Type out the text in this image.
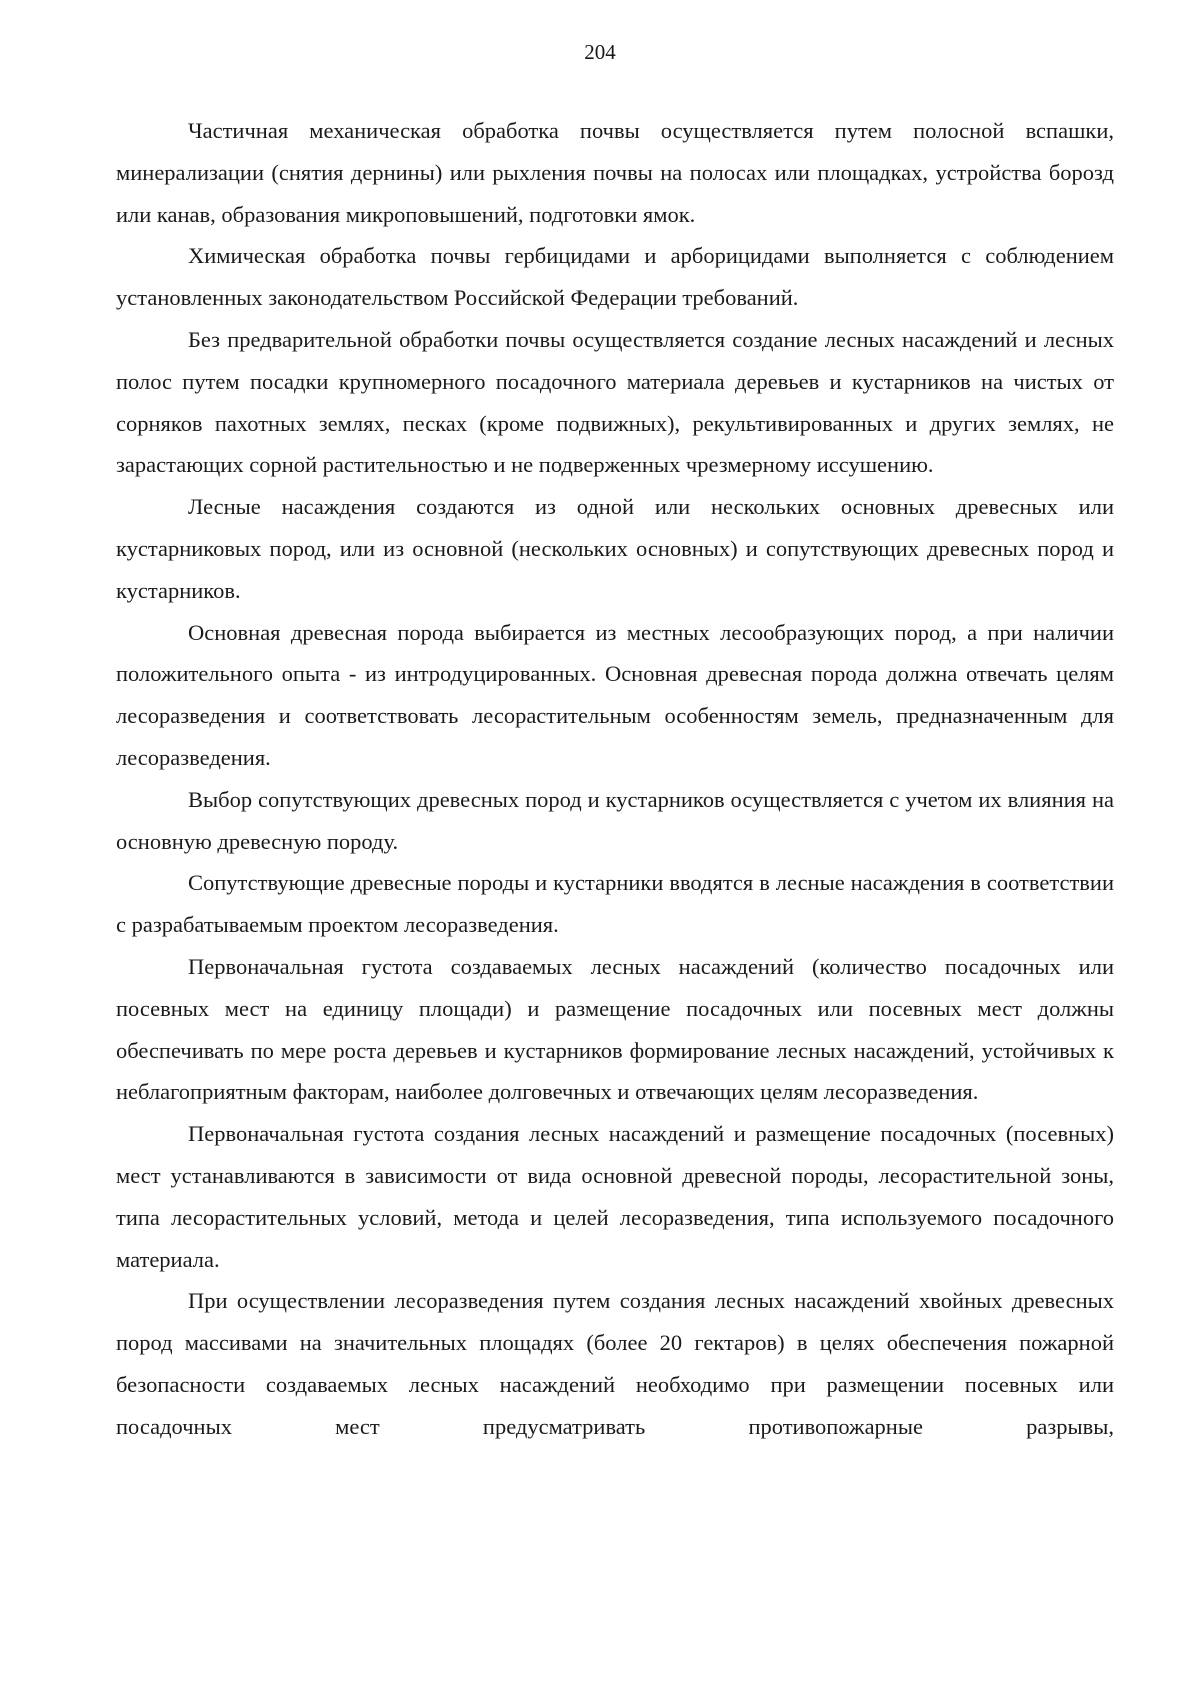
204

Частичная механическая обработка почвы осуществляется путем полосной вспашки, минерализации (снятия дернины) или рыхления почвы на полосах или площадках, устройства борозд или канав, образования микроповышений, подготовки ямок.

Химическая обработка почвы гербицидами и арборицидами выполняется с соблюдением установленных законодательством Российской Федерации требований.

Без предварительной обработки почвы осуществляется создание лесных насаждений и лесных полос путем посадки крупномерного посадочного материала деревьев и кустарников на чистых от сорняков пахотных землях, песках (кроме подвижных), рекультивированных и других землях, не зарастающих сорной растительностью и не подверженных чрезмерному иссушению.

Лесные насаждения создаются из одной или нескольких основных древесных или кустарниковых пород, или из основной (нескольких основных) и сопутствующих древесных пород и кустарников.

Основная древесная порода выбирается из местных лесообразующих пород, а при наличии положительного опыта - из интродуцированных. Основная древесная порода должна отвечать целям лесоразведения и соответствовать лесорастительным особенностям земель, предназначенным для лесоразведения.

Выбор сопутствующих древесных пород и кустарников осуществляется с учетом их влияния на основную древесную породу.

Сопутствующие древесные породы и кустарники вводятся в лесные насаждения в соответствии с разрабатываемым проектом лесоразведения.

Первоначальная густота создаваемых лесных насаждений (количество посадочных или посевных мест на единицу площади) и размещение посадочных или посевных мест должны обеспечивать по мере роста деревьев и кустарников формирование лесных насаждений, устойчивых к неблагоприятным факторам, наиболее долговечных и отвечающих целям лесоразведения.

Первоначальная густота создания лесных насаждений и размещение посадочных (посевных) мест устанавливаются в зависимости от вида основной древесной породы, лесорастительной зоны, типа лесорастительных условий, метода и целей лесоразведения, типа используемого посадочного материала.

При осуществлении лесоразведения путем создания лесных насаждений хвойных древесных пород массивами на значительных площадях (более 20 гектаров) в целях обеспечения пожарной безопасности создаваемых лесных насаждений необходимо при размещении посевных или посадочных мест предусматривать противопожарные разрывы,
